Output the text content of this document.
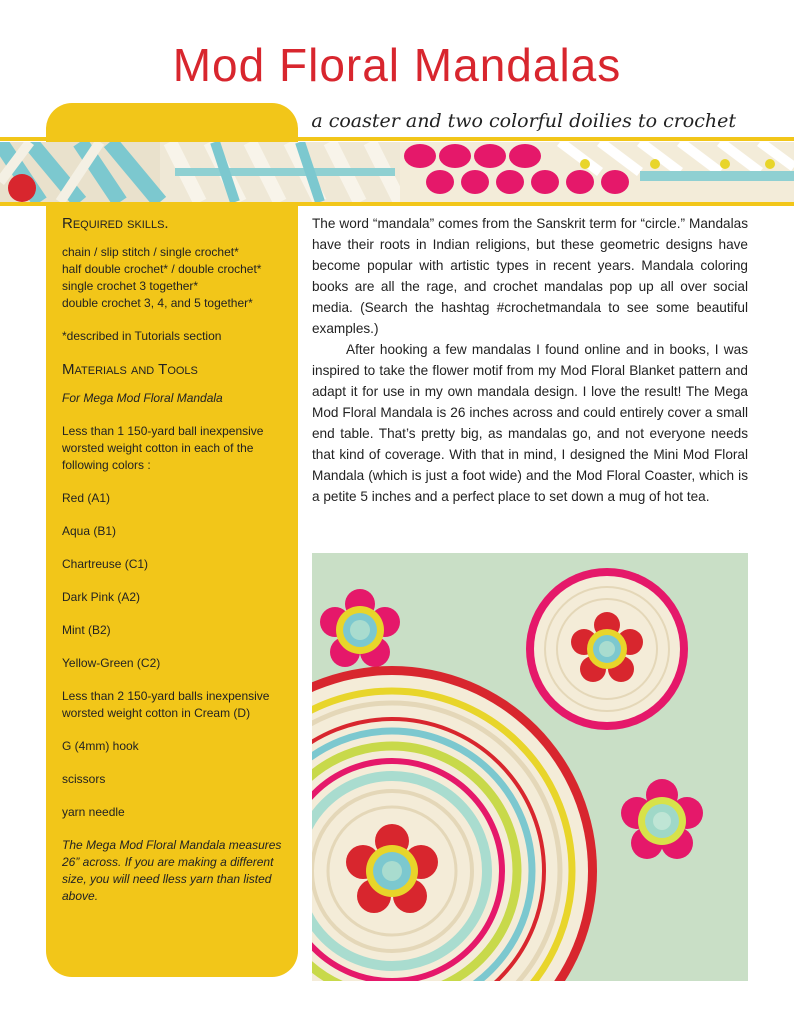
Mod Floral Mandalas
a coaster and two colorful doilies to crochet
Required skills.

chain / slip stitch / single crochet*
half double crochet* / double crochet*
single crochet 3 together*
double crochet 3, 4, and 5 together*

*described in Tutorials section

Materials and Tools

For Mega Mod Floral Mandala

Less than 1 150-yard ball inexpensive worsted weight cotton in each of the following colors :

Red (A1)

Aqua (B1)

Chartreuse (C1)

Dark Pink (A2)

Mint (B2)

Yellow-Green (C2)

Less than 2 150-yard balls inexpensive worsted weight cotton in Cream (D)

G (4mm) hook

scissors

yarn needle

The Mega Mod Floral Mandala measures 26” across. If you are making a different size, you will need lless yarn than listed above.

The word “mandala” comes from the Sanskrit term for “circle.” Mandalas have their roots in Indian religions, but these geometric designs have become popular with artistic types in recent years. Mandala coloring books are all the rage, and crochet mandalas pop up all over social media. (Search the hashtag #crochetmandala to see some beautiful examples.)

After hooking a few mandalas I found online and in books, I was inspired to take the flower motif from my Mod Floral Blanket pattern and adapt it for use in my own mandala design. I love the result! The Mega Mod Floral Mandala is 26 inches across and could entirely cover a small end table. That’s pretty big, as mandalas go, and not everyone needs that kind of coverage. With that in mind, I designed the Mini Mod Floral Mandala (which is just a foot wide) and the Mod Floral Coaster, which is a petite 5 inches and a perfect place to set down a mug of hot tea.
